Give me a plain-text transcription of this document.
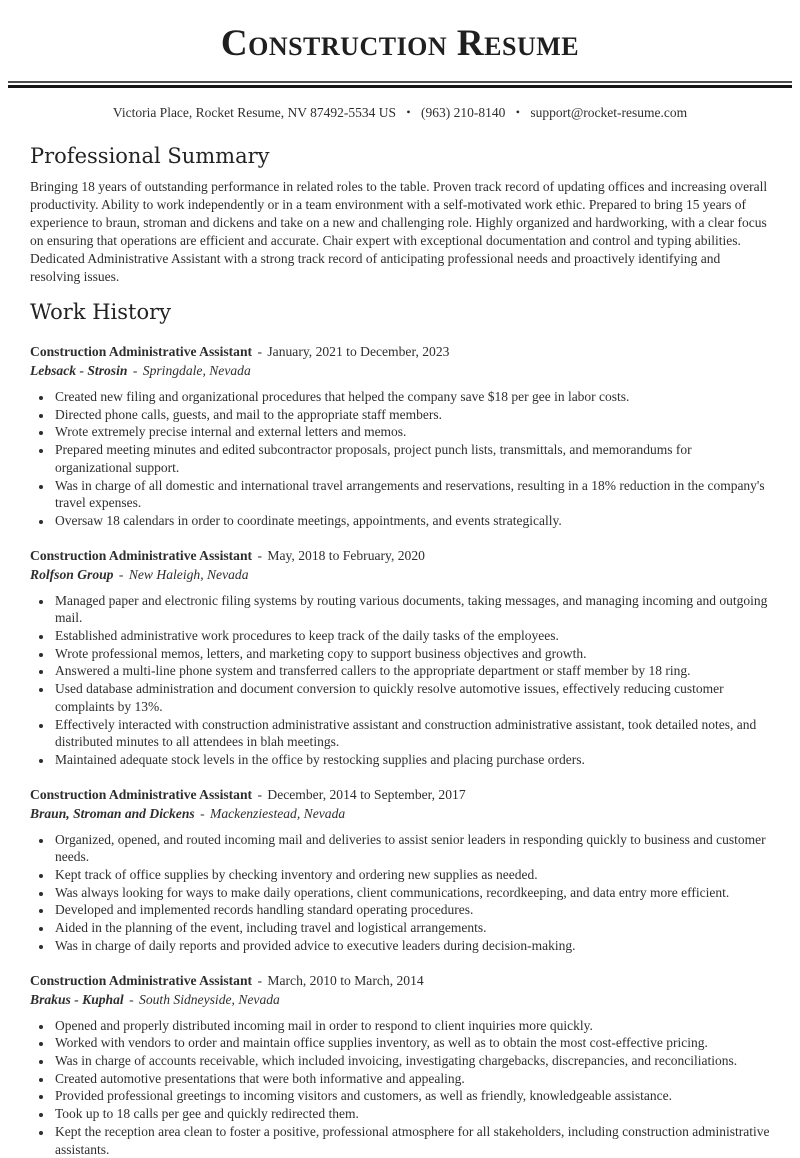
Construction Resume
Victoria Place, Rocket Resume, NV 87492-5534 US • (963) 210-8140 • support@rocket-resume.com
Professional Summary

Bringing 18 years of outstanding performance in related roles to the table. Proven track record of updating offices and increasing overall productivity. Ability to work independently or in a team environment with a self-motivated work ethic. Prepared to bring 15 years of experience to braun, stroman and dickens and take on a new and challenging role. Highly organized and hardworking, with a clear focus on ensuring that operations are efficient and accurate. Chair expert with exceptional documentation and control and typing abilities. Dedicated Administrative Assistant with a strong track record of anticipating professional needs and proactively identifying and resolving issues.

Work History
Construction Administrative Assistant - January, 2021 to December, 2023
Lebsack - Strosin - Springdale, Nevada
• Created new filing and organizational procedures that helped the company save $18 per gee in labor costs.
• Directed phone calls, guests, and mail to the appropriate staff members.
• Wrote extremely precise internal and external letters and memos.
• Prepared meeting minutes and edited subcontractor proposals, project punch lists, transmittals, and memorandums for organizational support.
• Was in charge of all domestic and international travel arrangements and reservations, resulting in a 18% reduction in the company's travel expenses.
• Oversaw 18 calendars in order to coordinate meetings, appointments, and events strategically.
Construction Administrative Assistant - May, 2018 to February, 2020
Rolfson Group - New Haleigh, Nevada
• Managed paper and electronic filing systems by routing various documents, taking messages, and managing incoming and outgoing mail.
• Established administrative work procedures to keep track of the daily tasks of the employees.
• Wrote professional memos, letters, and marketing copy to support business objectives and growth.
• Answered a multi-line phone system and transferred callers to the appropriate department or staff member by 18 ring.
• Used database administration and document conversion to quickly resolve automotive issues, effectively reducing customer complaints by 13%.
• Effectively interacted with construction administrative assistant and construction administrative assistant, took detailed notes, and distributed minutes to all attendees in blah meetings.
• Maintained adequate stock levels in the office by restocking supplies and placing purchase orders.
Construction Administrative Assistant - December, 2014 to September, 2017
Braun, Stroman and Dickens - Mackenziestead, Nevada
• Organized, opened, and routed incoming mail and deliveries to assist senior leaders in responding quickly to business and customer needs.
• Kept track of office supplies by checking inventory and ordering new supplies as needed.
• Was always looking for ways to make daily operations, client communications, recordkeeping, and data entry more efficient.
• Developed and implemented records handling standard operating procedures.
• Aided in the planning of the event, including travel and logistical arrangements.
• Was in charge of daily reports and provided advice to executive leaders during decision-making.
Construction Administrative Assistant - March, 2010 to March, 2014
Brakus - Kuphal - South Sidneyside, Nevada
• Opened and properly distributed incoming mail in order to respond to client inquiries more quickly.
• Worked with vendors to order and maintain office supplies inventory, as well as to obtain the most cost-effective pricing.
• Was in charge of accounts receivable, which included invoicing, investigating chargebacks, discrepancies, and reconciliations.
• Created automotive presentations that were both informative and appealing.
• Provided professional greetings to incoming visitors and customers, as well as friendly, knowledgeable assistance.
• Took up to 18 calls per gee and quickly redirected them.
• Kept the reception area clean to foster a positive, professional atmosphere for all stakeholders, including construction administrative assistants.
